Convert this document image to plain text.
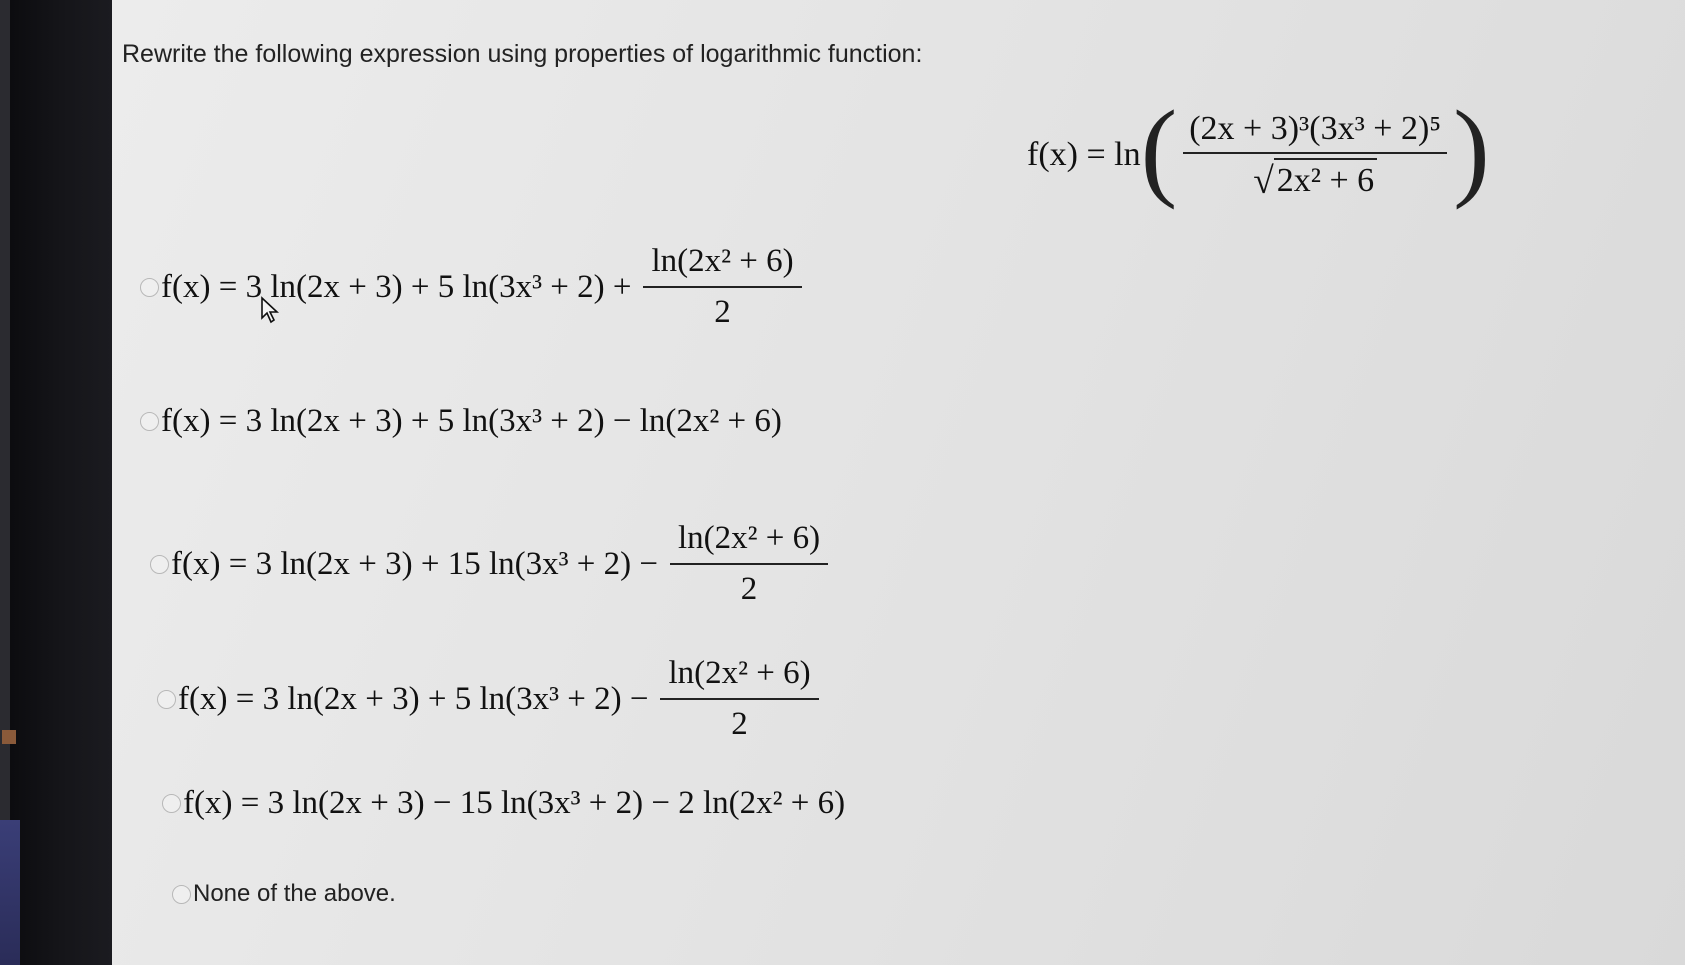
Rewrite the following expression using properties of logarithmic function:
f(x) = ln ( $\frac{\text{(2x + 3)³(3x³ + 2)⁵}}{\text{√ 2x² + 6}}$ )
f(x) = 3 ln(2x + 3) + 5 $\ln(3x^3 + 2) + \frac{\text{ln(2x² + 6)}}{2}$
f(x) = 3 ln(2x + 3) + 5 ln(3x³ + 2) − ln(2x² + 6)
f(x) = 3 ln(2x + 3) + 15 $\ln(3x^3 + 2) - \frac{\text{ln(2x² + 6)}}{2}$
f(x) = 3 ln(2x + 3) + 5 $\ln(3x^3 + 2) - \frac{\text{ln(2x² + 6)}}{2}$
f(x) = 3 ln(2x + 3) − 15 ln(3x³ + 2) − 2 ln(2x² + 6)
None of the above.
